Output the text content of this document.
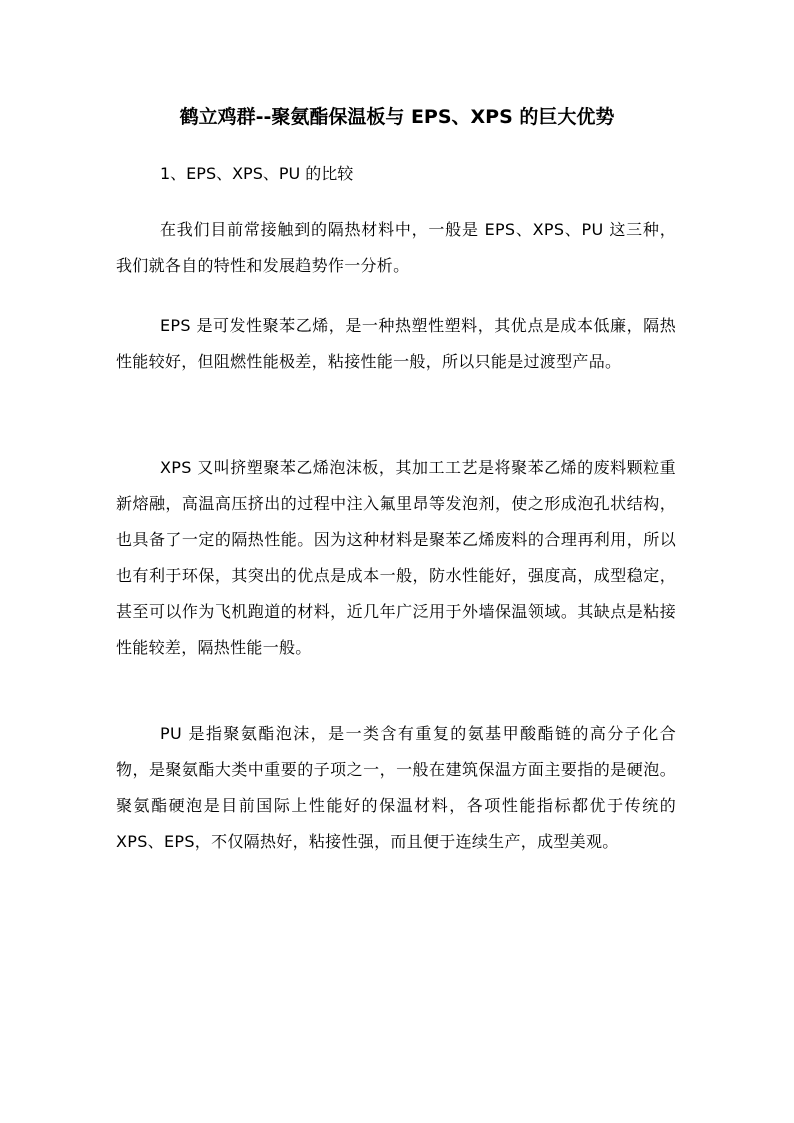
鹤立鸡群--聚氨酯保温板与 EPS、XPS 的巨大优势
1、EPS、XPS、PU 的比较

在我们目前常接触到的隔热材料中，一般是 EPS、XPS、PU 这三种，我们就各自的特性和发展趋势作一分析。

EPS 是可发性聚苯乙烯，是一种热塑性塑料，其优点是成本低廉，隔热性能较好，但阻燃性能极差，粘接性能一般，所以只能是过渡型产品。

XPS 又叫挤塑聚苯乙烯泡沫板，其加工工艺是将聚苯乙烯的废料颗粒重新熔融，高温高压挤出的过程中注入氟里昂等发泡剂，使之形成泡孔状结构，也具备了一定的隔热性能。因为这种材料是聚苯乙烯废料的合理再利用，所以也有利于环保，其突出的优点是成本一般，防水性能好，强度高，成型稳定，甚至可以作为飞机跑道的材料，近几年广泛用于外墙保温领域。其缺点是粘接性能较差，隔热性能一般。

PU 是指聚氨酯泡沫，是一类含有重复的氨基甲酸酯链的高分子化合物，是聚氨酯大类中重要的子项之一，一般在建筑保温方面主要指的是硬泡。聚氨酯硬泡是目前国际上性能好的保温材料，各项性能指标都优于传统的 XPS、EPS，不仅隔热好，粘接性强，而且便于连续生产，成型美观。
